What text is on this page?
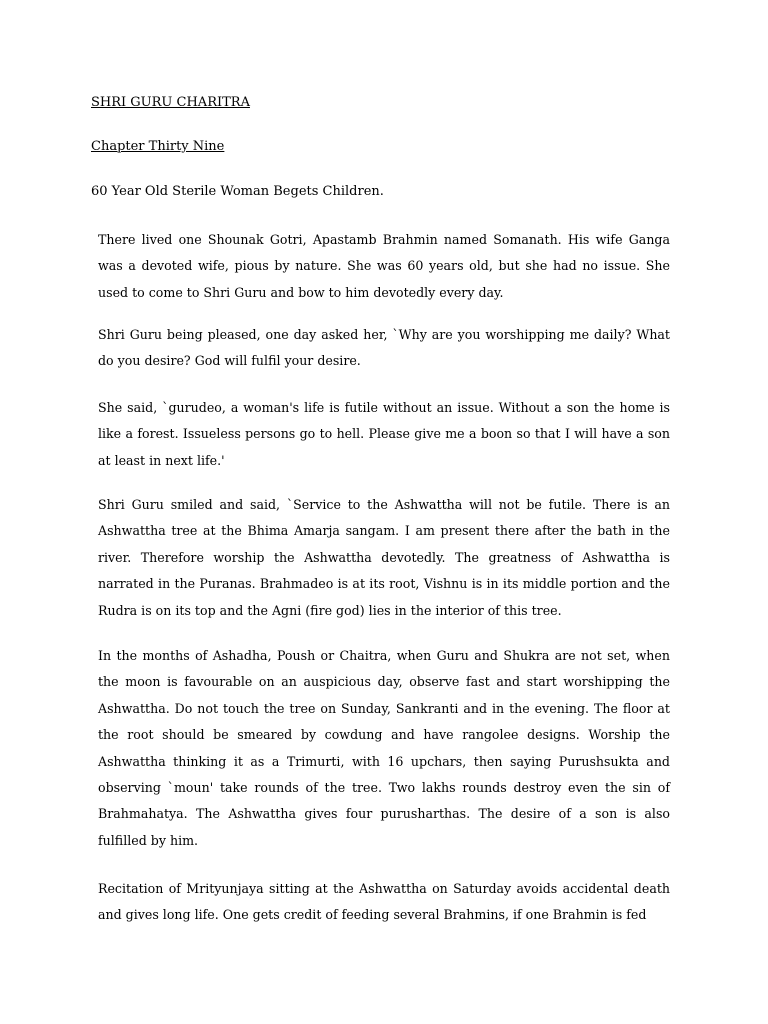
SHRI GURU CHARITRA
Chapter Thirty Nine
60 Year Old Sterile Woman Begets Children.

There lived one Shounak Gotri, Apastamb Brahmin named Somanath. His wife Ganga was a devoted wife, pious by nature. She was 60 years old, but she had no issue. She used to come to Shri Guru and bow to him devotedly every day.

Shri Guru being pleased, one day asked her, `Why are you worshipping me daily? What do you desire? God will fulfil your desire.

She said, `gurudeo, a woman's life is futile without an issue. Without a son the home is like a forest. Issueless persons go to hell. Please give me a boon so that I will have a son at least in next life.'

Shri Guru smiled and said, `Service to the Ashwattha will not be futile. There is an Ashwattha tree at the Bhima Amarja sangam. I am present there after the bath in the river. Therefore worship the Ashwattha devotedly. The greatness of Ashwattha is narrated in the Puranas. Brahmadeo is at its root, Vishnu is in its middle portion and the Rudra is on its top and the Agni (fire god) lies in the interior of this tree.

In the months of Ashadha, Poush or Chaitra, when Guru and Shukra are not set, when the moon is favourable on an auspicious day, observe fast and start worshipping the Ashwattha. Do not touch the tree on Sunday, Sankranti and in the evening. The floor at the root should be smeared by cowdung and have rangolee designs. Worship the Ashwattha thinking it as a Trimurti, with 16 upchars, then saying Purushsukta and observing `moun' take rounds of the tree. Two lakhs rounds destroy even the sin of Brahmahatya. The Ashwattha gives four purusharthas. The desire of a son is also fulfilled by him.

Recitation of Mrityunjaya sitting at the Ashwattha on Saturday avoids accidental death and gives long life. One gets credit of feeding several Brahmins, if one Brahmin is fed
